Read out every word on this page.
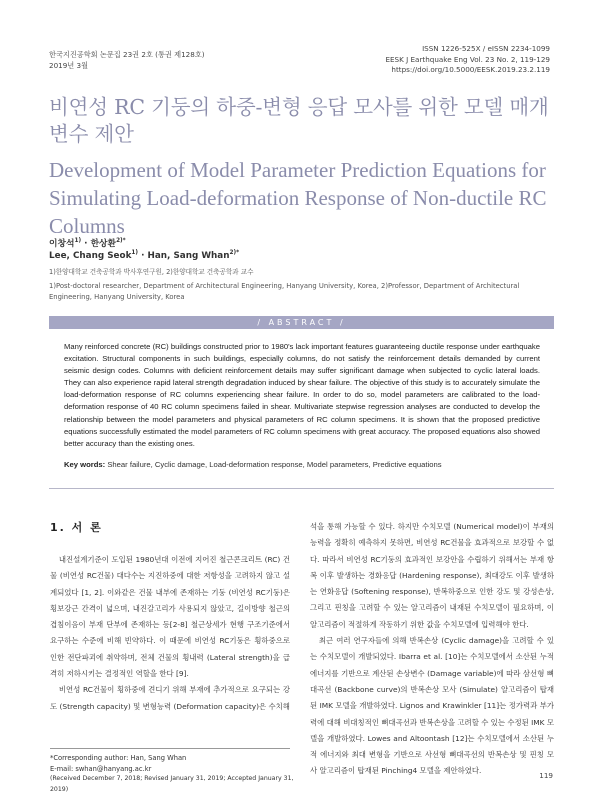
한국지진공학회 논문집 23권 2호 (통권 제128호)
2019년 3월
ISSN 1226-525X / eISSN 2234-1099
EESK J Earthquake Eng Vol. 23 No. 2, 119-129
https://doi.org/10.5000/EESK.2019.23.2.119
비연성 RC 기둥의 하중-변형 응답 모사를 위한 모델 매개변수 제안
Development of Model Parameter Prediction Equations for Simulating Load-deformation Response of Non-ductile RC Columns
이창석$^{1)}$ · 한상환$^{2)*}$
Lee, Chang Seok$^{1)}$ · Han, Sang Whan$^{2)*}$
1)한양대학교 건축공학과 박사후연구원, 2)한양대학교 건축공학과 교수
1)Post-doctoral researcher, Department of Architectural Engineering, Hanyang University, Korea, 2)Professor, Department of Architectural Engineering, Hanyang University, Korea
/ ABSTRACT /
Many reinforced concrete (RC) buildings constructed prior to 1980's lack important features guaranteeing ductile response under earthquake excitation. Structural components in such buildings, especially columns, do not satisfy the reinforcement details demanded by current seismic design codes. Columns with deficient reinforcement details may suffer significant damage when subjected to cyclic lateral loads. They can also experience rapid lateral strength degradation induced by shear failure. The objective of this study is to accurately simulate the load-deformation response of RC columns experiencing shear failure. In order to do so, model parameters are calibrated to the load-deformation response of 40 RC column specimens failed in shear. Multivariate stepwise regression analyses are conducted to develop the relationship between the model parameters and physical parameters of RC column specimens. It is shown that the proposed predictive equations successfully estimated the model parameters of RC column specimens with great accuracy. The proposed equations also showed better accuracy than the existing ones.
Key words: Shear failure, Cyclic damage, Load-deformation response, Model parameters, Predictive equations
1. 서 론

내진설계기준이 도입된 1980년대 이전에 지어진 철근콘크리트 (RC) 건물 (비연성 RC건물) 대다수는 지진하중에 대한 저항성을 고려하지 않고 설계되었다 [1, 2]. 이와같은 건물 내부에 존재하는 기둥 (비연성 RC기둥)은 횡보강근 간격이 넓으며, 내진갈고리가 사용되지 않았고, 길이방향 철근의 겹침이음이 부재 단부에 존재하는 등[2-8] 철근상세가 현행 구조기준에서 요구하는 수준에 비해 빈약하다. 이 때문에 비연성 RC기둥은 횡하중으로 인한 전단파괴에 취약하며, 전체 건물의 횡내력 (Lateral strength)을 급격히 저하시키는 결정적인 역할을 한다 [9].

비연성 RC건물이 횡하중에 견디기 위해 부재에 추가적으로 요구되는 강도 (Strength capacity) 및 변형능력 (Deformation capacity)은 수치해

석을 통해 가능할 수 있다. 하지만 수치모델 (Numerical model)이 부재의 능력을 정확히 예측하지 못하면, 비연성 RC건물을 효과적으로 보강할 수 없다. 따라서 비연성 RC기둥의 효과적인 보강안을 수립하기 위해서는 부재 항복 이후 발생하는 경화응답 (Hardening response), 최대강도 이후 발생하는 연화응답 (Softening response), 반복하중으로 인한 강도 및 강성손상, 그리고 핀칭을 고려할 수 있는 알고리즘이 내재된 수치모델이 필요하며, 이 알고리즘이 적절하게 작동하기 위한 값을 수치모델에 입력해야 한다.

최근 여러 연구자들에 의해 반복손상 (Cyclic damage)을 고려할 수 있는 수치모델이 개발되었다. Ibarra et al. [10]는 수치모델에서 소산된 누적에너지를 기반으로 계산된 손상변수 (Damage variable)에 따라 삼선형 뼈대곡선 (Backbone curve)의 반복손상 모사 (Simulate) 알고리즘이 탑재된 IMK 모델을 개발하였다. Lignos and Krawinkler [11]는 정가력과 부가력에 대해 비대칭적인 뼈대곡선과 반복손상을 고려할 수 있는 수정된 IMK 모델을 개발하였다. Lowes and Altoontash [12]는 수치모델에서 소산된 누적 에너지와 최대 변형을 기반으로 사선형 뼈대곡선의 반복손상 및 핀칭 모사 알고리즘이 탑재된 Pinching4 모델을 제안하였다.

*Corresponding author: Han, Sang Whan
E-mail: swhan@hanyang.ac.kr
(Received December 7, 2018; Revised January 31, 2019; Accepted January 31, 2019)
119
